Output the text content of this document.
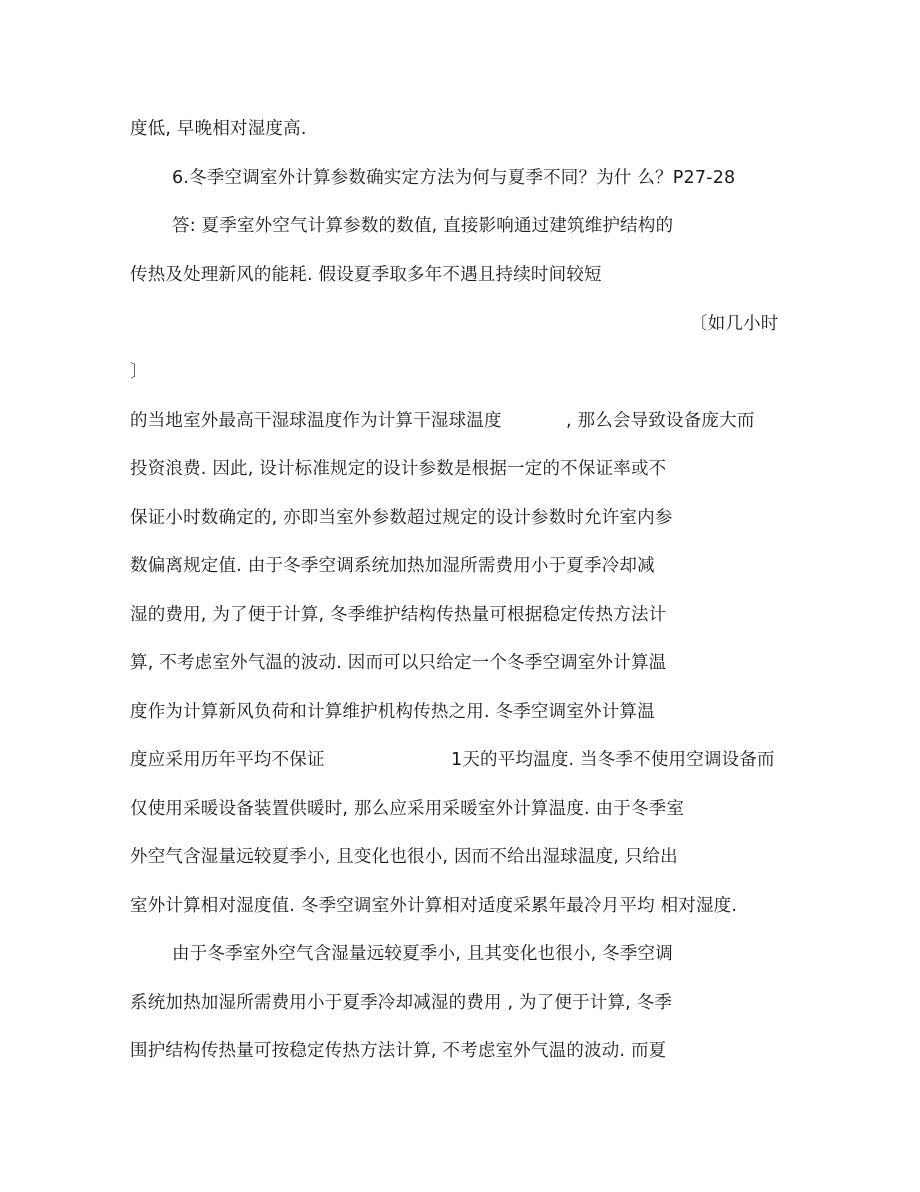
度低, 早晚相对湿度高.
6.冬季空调室外计算参数确实定方法为何与夏季不同？为什 么？P27-28
答: 夏季室外空气计算参数的数值, 直接影响通过建筑维护结构的
传热及处理新风的能耗. 假设夏季取多年不遇且持续时间较短
〔如几小时
〕
的当地室外最高干湿球温度作为计算干湿球温度	, 那么会导致设备庞大而
投资浪费. 因此, 设计标准规定的设计参数是根据一定的不保证率或不
保证小时数确定的, 亦即当室外参数超过规定的设计参数时允许室内参
数偏离规定值. 由于冬季空调系统加热加湿所需费用小于夏季冷却减
湿的费用, 为了便于计算, 冬季维护结构传热量可根据稳定传热方法计
算, 不考虑室外气温的波动. 因而可以只给定一个冬季空调室外计算温
度作为计算新风负荷和计算维护机构传热之用. 冬季空调室外计算温
度应采用历年平均不保证	1天的平均温度. 当冬季不使用空调设备而
仅使用采暖设备装置供暖时, 那么应采用采暖室外计算温度. 由于冬季室
外空气含湿量远较夏季小, 且变化也很小, 因而不给出湿球温度, 只给出
室外计算相对湿度值. 冬季空调室外计算相对适度采累年最冷月平均 相对湿度.
由于冬季室外空气含湿量远较夏季小, 且其变化也很小, 冬季空调
系统加热加湿所需费用小于夏季冷却减湿的费用 , 为了便于计算, 冬季
围护结构传热量可按稳定传热方法计算, 不考虑室外气温的波动. 而夏
